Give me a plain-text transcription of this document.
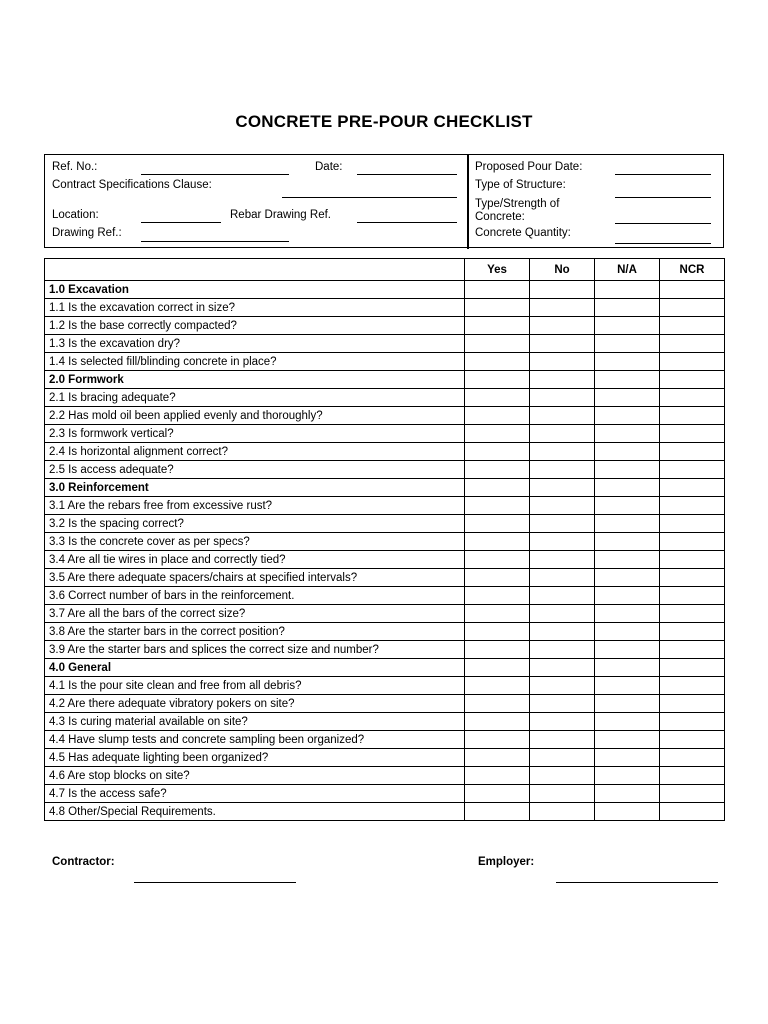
CONCRETE PRE-POUR CHECKLIST
Ref. No.:	Date:
Contract Specifications Clause:
Location:	Rebar Drawing Ref.
Drawing Ref.:
Proposed Pour Date:
Type of Structure:
Type/Strength of
Concrete:
Concrete Quantity:
	Yes	No	N/A	NCR
1.0 Excavation				
1.1 Is the excavation correct in size?				
1.2 Is the base correctly compacted?				
1.3 Is the excavation dry?				
1.4 Is selected fill/blinding concrete in place?				
2.0 Formwork				
2.1 Is bracing adequate?				
2.2 Has mold oil been applied evenly and thoroughly?				
2.3 Is formwork vertical?				
2.4 Is horizontal alignment correct?				
2.5 Is access adequate?				
3.0 Reinforcement				
3.1 Are the rebars free from excessive rust?				
3.2 Is the spacing correct?				
3.3 Is the concrete cover as per specs?				
3.4 Are all tie wires in place and correctly tied?				
3.5 Are there adequate spacers/chairs at specified intervals?				
3.6 Correct number of bars in the reinforcement.				
3.7 Are all the bars of the correct size?				
3.8 Are the starter bars in the correct position?				
3.9 Are the starter bars and splices the correct size and number?				
4.0 General				
4.1 Is the pour site clean and free from all debris?				
4.2 Are there adequate vibratory pokers on site?				
4.3 Is curing material available on site?				
4.4 Have slump tests and concrete sampling been organized?				
4.5 Has adequate lighting been organized?				
4.6 Are stop blocks on site?				
4.7 Is the access safe?				
4.8 Other/Special Requirements.				
Contractor:	Employer:
